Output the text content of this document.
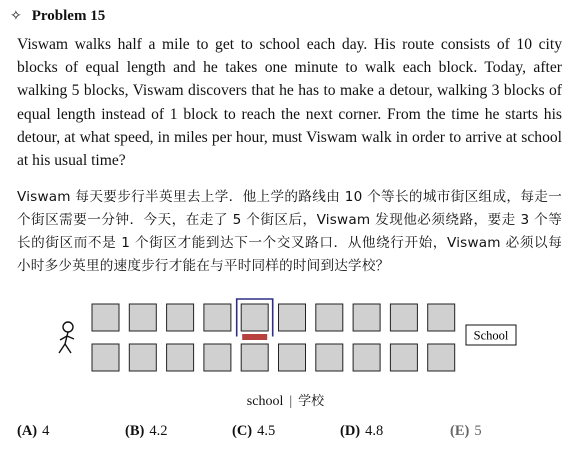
✧ Problem 15
Viswam walks half a mile to get to school each day. His route consists of 10 city blocks of equal length and he takes one minute to walk each block. Today, after walking 5 blocks, Viswam discovers that he has to make a detour, walking 3 blocks of equal length instead of 1 block to reach the next corner. From the time he starts his detour, at what speed, in miles per hour, must Viswam walk in order to arrive at school at his usual time?
Viswam 每天要步行半英里去上学．他上学的路线由 10 个等长的城市街区组成，每走一个街区需要一分钟．今天，在走了 5 个街区后，Viswam 发现他必须绕路，要走 3 个等长的街区而不是 1 个街区才能到达下一个交叉路口．从他绕行开始，Viswam 必须以每小时多少英里的速度步行才能在与平时同样的时间到达学校？
School
school | 学校
(A) 4	(B) 4.2	(C) 4.5	(D) 4.8	(E) 5
